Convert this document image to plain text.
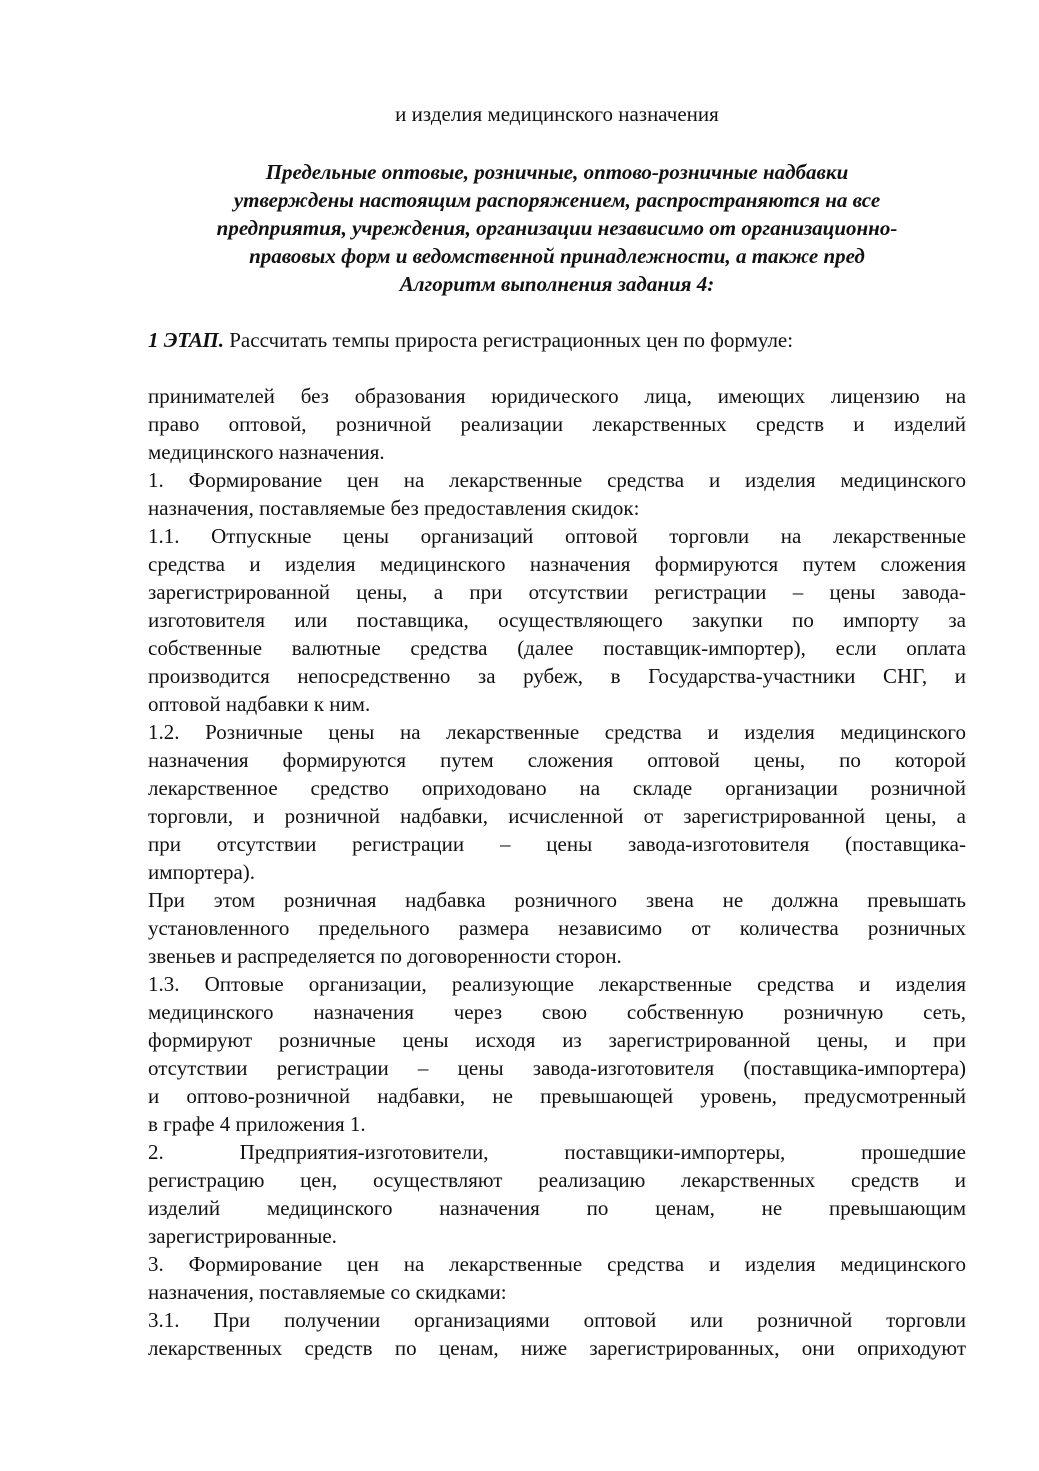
и изделия медицинского назначения

Предельные оптовые, розничные, оптово-розничные надбавки
утверждены настоящим распоряжением, распространяются на все
предприятия, учреждения, организации независимо от организационно-
правовых форм и ведомственной принадлежности, а также пред
Алгоритм выполнения задания 4:

1 ЭТАП. Рассчитать темпы прироста регистрационных цен по формуле:

принимателей без образования юридического лица, имеющих лицензию на
право оптовой, розничной реализации лекарственных средств и изделий
медицинского назначения.

1. Формирование цен на лекарственные средства и изделия медицинского
назначения, поставляемые без предоставления скидок:

1.1. Отпускные цены организаций оптовой торговли на лекарственные
средства и изделия медицинского назначения формируются путем сложения
зарегистрированной цены, а при отсутствии регистрации – цены завода-
изготовителя или поставщика, осуществляющего закупки по импорту за
собственные валютные средства (далее поставщик-импортер), если оплата
производится непосредственно за рубеж, в Государства-участники СНГ, и
оптовой надбавки к ним.

1.2. Розничные цены на лекарственные средства и изделия медицинского
назначения формируются путем сложения оптовой цены, по которой
лекарственное средство оприходовано на складе организации розничной
торговли, и розничной надбавки, исчисленной от зарегистрированной цены, а
при отсутствии регистрации – цены завода-изготовителя (поставщика-
импортера).

При этом розничная надбавка розничного звена не должна превышать
установленного предельного размера независимо от количества розничных
звеньев и распределяется по договоренности сторон.

1.3. Оптовые организации, реализующие лекарственные средства и изделия
медицинского назначения через свою собственную розничную сеть,
формируют розничные цены исходя из зарегистрированной цены, и при
отсутствии регистрации – цены завода-изготовителя (поставщика-импортера)
и оптово-розничной надбавки, не превышающей уровень, предусмотренный
в графе 4 приложения 1.

2. Предприятия-изготовители, поставщики-импортеры, прошедшие
регистрацию цен, осуществляют реализацию лекарственных средств и
изделий медицинского назначения по ценам, не превышающим
зарегистрированные.

3. Формирование цен на лекарственные средства и изделия медицинского
назначения, поставляемые со скидками:

3.1. При получении организациями оптовой или розничной торговли
лекарственных средств по ценам, ниже зарегистрированных, они оприходуют
